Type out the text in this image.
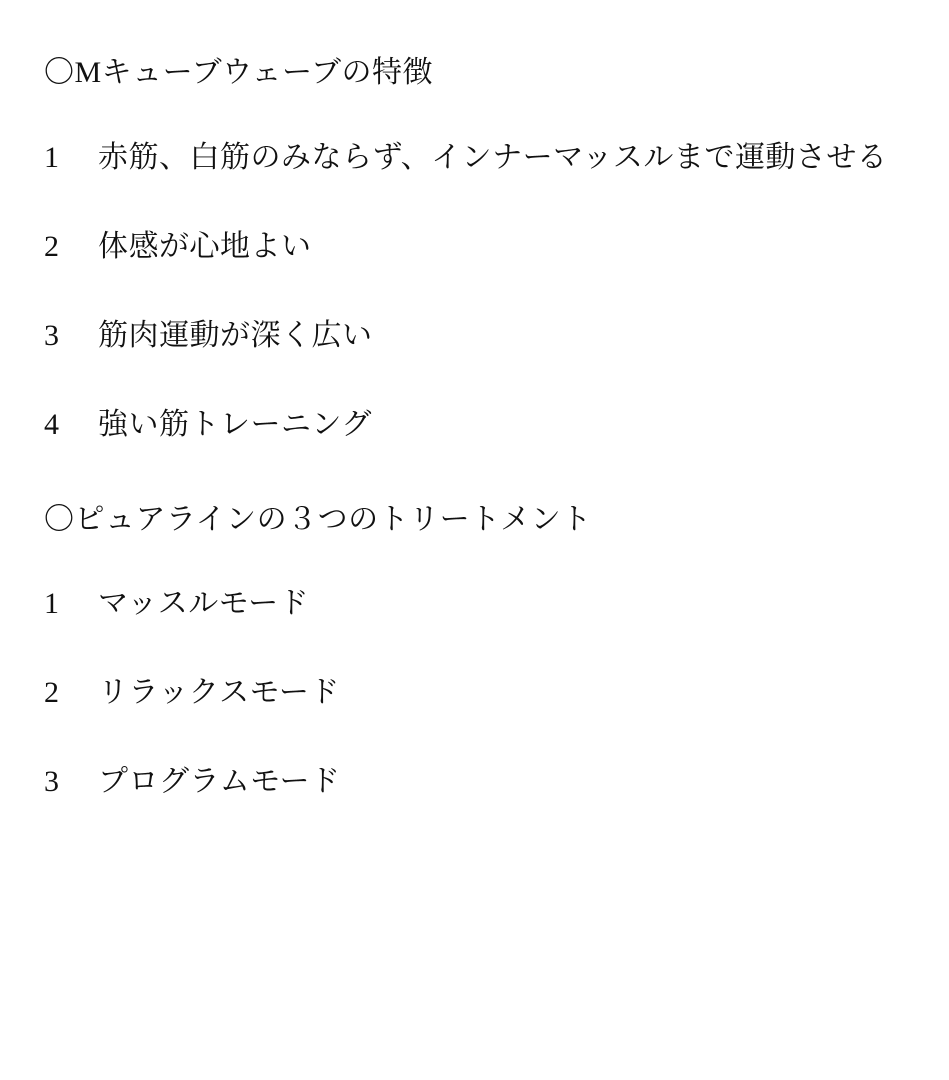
〇Mキューブウェーブの特徴
1	赤筋、白筋のみならず、インナーマッスルまで運動させる
2	体感が心地よい
3	筋肉運動が深く広い
4	強い筋トレーニング
〇ピュアラインの３つのトリートメント
1	マッスルモード
2	リラックスモード
3	プログラムモード
